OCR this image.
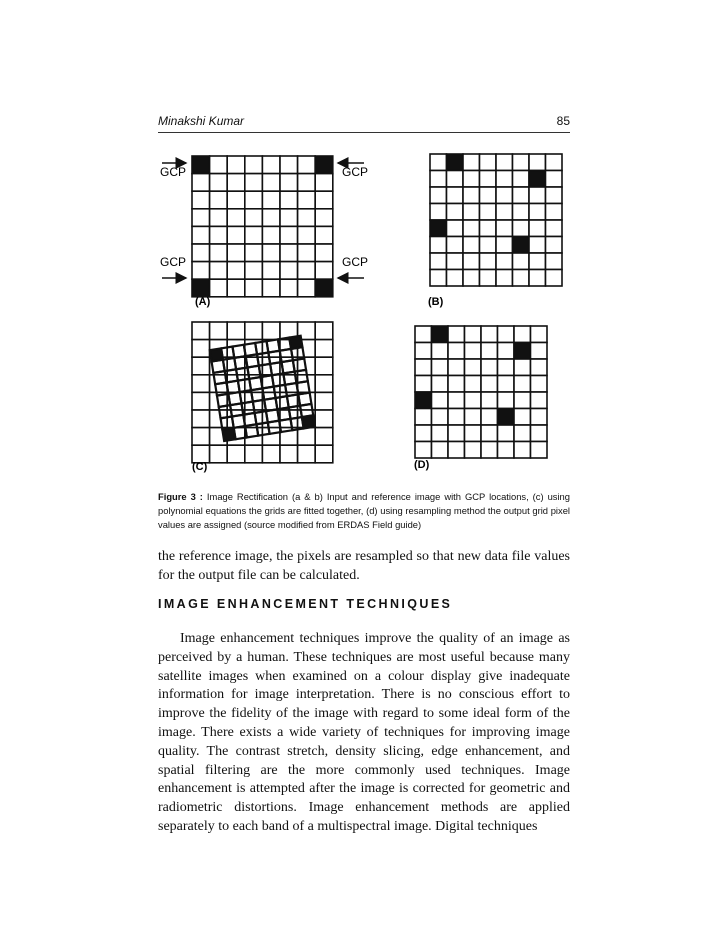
Minakshi Kumar	85
GCP	GCP
GCP	GCP
(A)	(B)
(C)	(D)
Figure 3 : Image Rectification (a & b) Input and reference image with GCP locations, (c) using polynomial equations the grids are fitted together, (d) using resampling method the output grid pixel values are assigned (source modified from ERDAS Field guide)
the reference image, the pixels are resampled so that new data file values for the output file can be calculated.
IMAGE ENHANCEMENT TECHNIQUES
Image enhancement techniques improve the quality of an image as perceived by a human. These techniques are most useful because many satellite images when examined on a colour display give inadequate information for image interpretation. There is no conscious effort to improve the fidelity of the image with regard to some ideal form of the image. There exists a wide variety of techniques for improving image quality. The contrast stretch, density slicing, edge enhancement, and spatial filtering are the more commonly used techniques. Image enhancement is attempted after the image is corrected for geometric and radiometric distortions. Image enhancement methods are applied separately to each band of a multispectral image. Digital techniques
